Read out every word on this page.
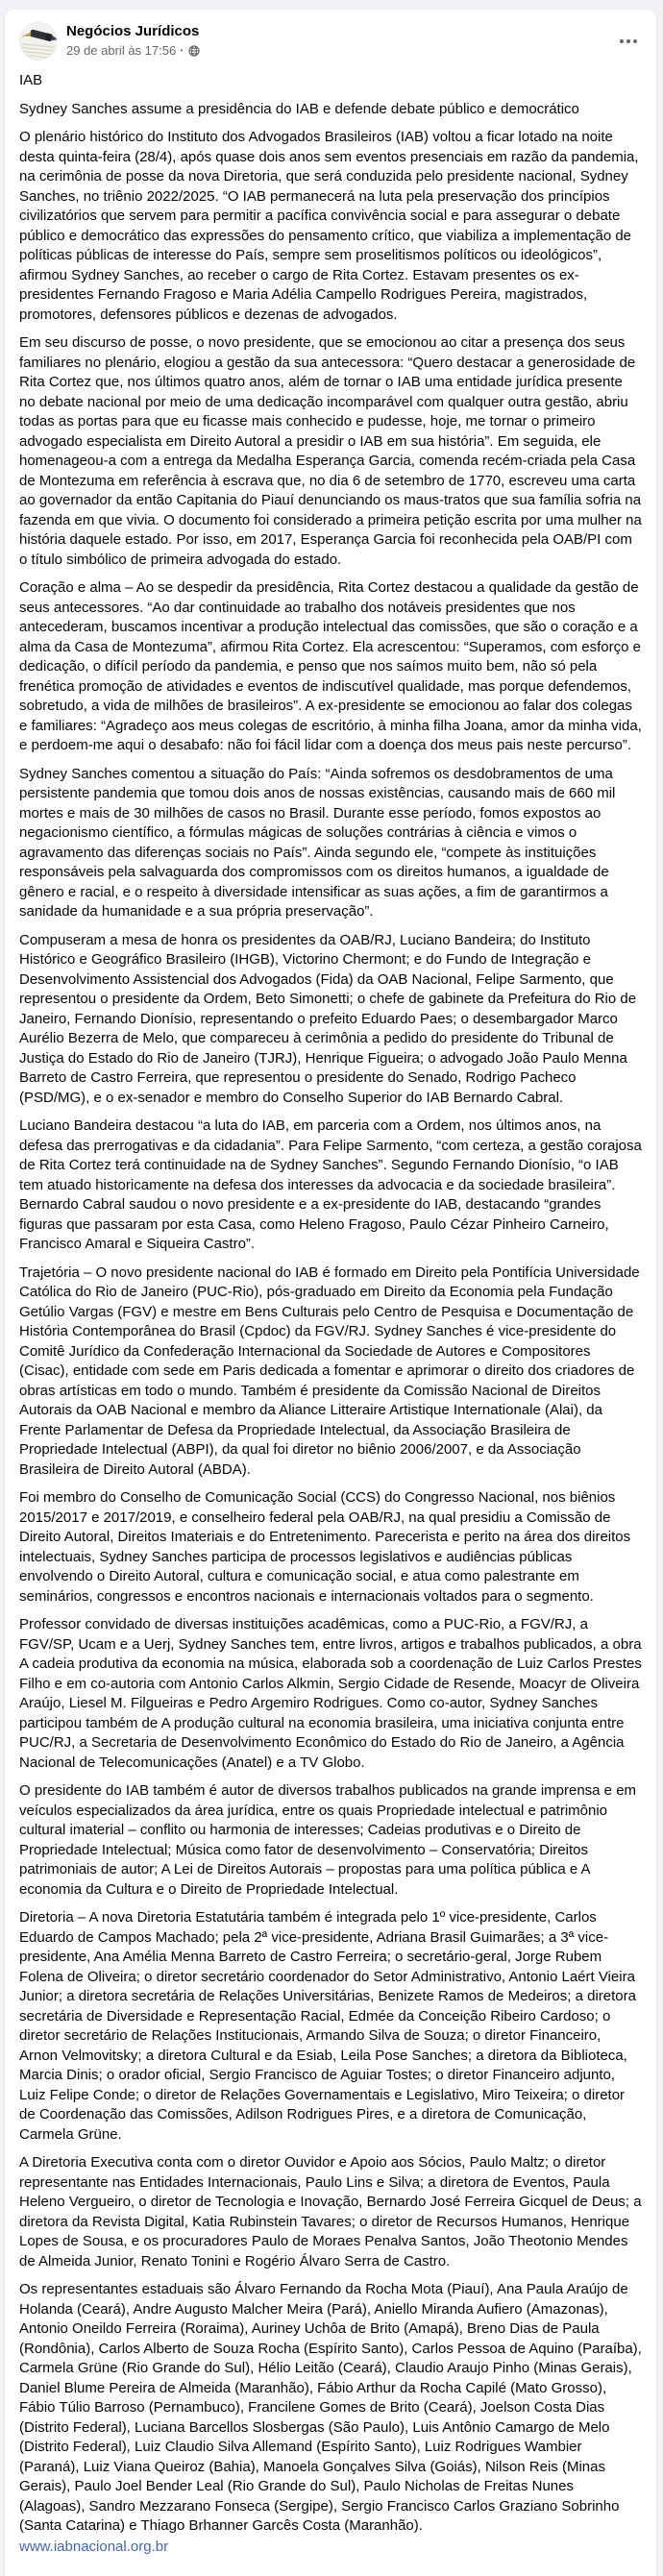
Negócios Jurídicos
29 de abril às 17:56 ·

IAB

Sydney Sanches assume a presidência do IAB e defende debate público e democrático

O plenário histórico do Instituto dos Advogados Brasileiros (IAB) voltou a ficar lotado na noite desta quinta-feira (28/4), após quase dois anos sem eventos presenciais em razão da pandemia, na cerimônia de posse da nova Diretoria, que será conduzida pelo presidente nacional, Sydney Sanches, no triênio 2022/2025. “O IAB permanecerá na luta pela preservação dos princípios civilizatórios que servem para permitir a pacífica convivência social e para assegurar o debate público e democrático das expressões do pensamento crítico, que viabiliza a implementação de políticas públicas de interesse do País, sempre sem proselitismos políticos ou ideológicos”, afirmou Sydney Sanches, ao receber o cargo de Rita Cortez. Estavam presentes os ex-presidentes Fernando Fragoso e Maria Adélia Campello Rodrigues Pereira, magistrados, promotores, defensores públicos e dezenas de advogados.

Em seu discurso de posse, o novo presidente, que se emocionou ao citar a presença dos seus familiares no plenário, elogiou a gestão da sua antecessora: “Quero destacar a generosidade de Rita Cortez que, nos últimos quatro anos, além de tornar o IAB uma entidade jurídica presente no debate nacional por meio de uma dedicação incomparável com qualquer outra gestão, abriu todas as portas para que eu ficasse mais conhecido e pudesse, hoje, me tornar o primeiro advogado especialista em Direito Autoral a presidir o IAB em sua história”. Em seguida, ele homenageou-a com a entrega da Medalha Esperança Garcia, comenda recém-criada pela Casa de Montezuma em referência à escrava que, no dia 6 de setembro de 1770, escreveu uma carta ao governador da então Capitania do Piauí denunciando os maus-tratos que sua família sofria na fazenda em que vivia. O documento foi considerado a primeira petição escrita por uma mulher na história daquele estado. Por isso, em 2017, Esperança Garcia foi reconhecida pela OAB/PI com o título simbólico de primeira advogada do estado.

Coração e alma – Ao se despedir da presidência, Rita Cortez destacou a qualidade da gestão de seus antecessores. “Ao dar continuidade ao trabalho dos notáveis presidentes que nos antecederam, buscamos incentivar a produção intelectual das comissões, que são o coração e a alma da Casa de Montezuma”, afirmou Rita Cortez. Ela acrescentou: “Superamos, com esforço e dedicação, o difícil período da pandemia, e penso que nos saímos muito bem, não só pela frenética promoção de atividades e eventos de indiscutível qualidade, mas porque defendemos, sobretudo, a vida de milhões de brasileiros”. A ex-presidente se emocionou ao falar dos colegas e familiares: “Agradeço aos meus colegas de escritório, à minha filha Joana, amor da minha vida, e perdoem-me aqui o desabafo: não foi fácil lidar com a doença dos meus pais neste percurso”.

Sydney Sanches comentou a situação do País: “Ainda sofremos os desdobramentos de uma persistente pandemia que tomou dois anos de nossas existências, causando mais de 660 mil mortes e mais de 30 milhões de casos no Brasil. Durante esse período, fomos expostos ao negacionismo científico, a fórmulas mágicas de soluções contrárias à ciência e vimos o agravamento das diferenças sociais no País”. Ainda segundo ele, “compete às instituições responsáveis pela salvaguarda dos compromissos com os direitos humanos, a igualdade de gênero e racial, e o respeito à diversidade intensificar as suas ações, a fim de garantirmos a sanidade da humanidade e a sua própria preservação”.

Compuseram a mesa de honra os presidentes da OAB/RJ, Luciano Bandeira; do Instituto Histórico e Geográfico Brasileiro (IHGB), Victorino Chermont; e do Fundo de Integração e Desenvolvimento Assistencial dos Advogados (Fida) da OAB Nacional, Felipe Sarmento, que representou o presidente da Ordem, Beto Simonetti; o chefe de gabinete da Prefeitura do Rio de Janeiro, Fernando Dionísio, representando o prefeito Eduardo Paes; o desembargador Marco Aurélio Bezerra de Melo, que compareceu à cerimônia a pedido do presidente do Tribunal de Justiça do Estado do Rio de Janeiro (TJRJ), Henrique Figueira; o advogado João Paulo Menna Barreto de Castro Ferreira, que representou o presidente do Senado, Rodrigo Pacheco (PSD/MG), e o ex-senador e membro do Conselho Superior do IAB Bernardo Cabral.

Luciano Bandeira destacou “a luta do IAB, em parceria com a Ordem, nos últimos anos, na defesa das prerrogativas e da cidadania”. Para Felipe Sarmento, “com certeza, a gestão corajosa de Rita Cortez terá continuidade na de Sydney Sanches”. Segundo Fernando Dionísio, “o IAB tem atuado historicamente na defesa dos interesses da advocacia e da sociedade brasileira”. Bernardo Cabral saudou o novo presidente e a ex-presidente do IAB, destacando “grandes figuras que passaram por esta Casa, como Heleno Fragoso, Paulo Cézar Pinheiro Carneiro, Francisco Amaral e Siqueira Castro”.

Trajetória – O novo presidente nacional do IAB é formado em Direito pela Pontifícia Universidade Católica do Rio de Janeiro (PUC-Rio), pós-graduado em Direito da Economia pela Fundação Getúlio Vargas (FGV) e mestre em Bens Culturais pelo Centro de Pesquisa e Documentação de História Contemporânea do Brasil (Cpdoc) da FGV/RJ. Sydney Sanches é vice-presidente do Comitê Jurídico da Confederação Internacional da Sociedade de Autores e Compositores (Cisac), entidade com sede em Paris dedicada a fomentar e aprimorar o direito dos criadores de obras artísticas em todo o mundo. Também é presidente da Comissão Nacional de Direitos Autorais da OAB Nacional e membro da Aliance Litteraire Artistique Internationale (Alai), da Frente Parlamentar de Defesa da Propriedade Intelectual, da Associação Brasileira de Propriedade Intelectual (ABPI), da qual foi diretor no biênio 2006/2007, e da Associação Brasileira de Direito Autoral (ABDA).

Foi membro do Conselho de Comunicação Social (CCS) do Congresso Nacional, nos biênios 2015/2017 e 2017/2019, e conselheiro federal pela OAB/RJ, na qual presidiu a Comissão de Direito Autoral, Direitos Imateriais e do Entretenimento. Parecerista e perito na área dos direitos intelectuais, Sydney Sanches participa de processos legislativos e audiências públicas envolvendo o Direito Autoral, cultura e comunicação social, e atua como palestrante em seminários, congressos e encontros nacionais e internacionais voltados para o segmento.

Professor convidado de diversas instituições acadêmicas, como a PUC-Rio, a FGV/RJ, a FGV/SP, Ucam e a Uerj, Sydney Sanches tem, entre livros, artigos e trabalhos publicados, a obra A cadeia produtiva da economia na música, elaborada sob a coordenação de Luiz Carlos Prestes Filho e em co-autoria com Antonio Carlos Alkmin, Sergio Cidade de Resende, Moacyr de Oliveira Araújo, Liesel M. Filgueiras e Pedro Argemiro Rodrigues. Como co-autor, Sydney Sanches participou também de A produção cultural na economia brasileira, uma iniciativa conjunta entre PUC/RJ, a Secretaria de Desenvolvimento Econômico do Estado do Rio de Janeiro, a Agência Nacional de Telecomunicações (Anatel) e a TV Globo.

O presidente do IAB também é autor de diversos trabalhos publicados na grande imprensa e em veículos especializados da área jurídica, entre os quais Propriedade intelectual e patrimônio cultural imaterial – conflito ou harmonia de interesses; Cadeias produtivas e o Direito de Propriedade Intelectual; Música como fator de desenvolvimento – Conservatória; Direitos patrimoniais de autor; A Lei de Direitos Autorais – propostas para uma política pública e A economia da Cultura e o Direito de Propriedade Intelectual.

Diretoria – A nova Diretoria Estatutária também é integrada pelo 1º vice-presidente, Carlos Eduardo de Campos Machado; pela 2ª vice-presidente, Adriana Brasil Guimarães; a 3ª vice-presidente, Ana Amélia Menna Barreto de Castro Ferreira; o secretário-geral, Jorge Rubem Folena de Oliveira; o diretor secretário coordenador do Setor Administrativo, Antonio Laért Vieira Junior; a diretora secretária de Relações Universitárias, Benizete Ramos de Medeiros; a diretora secretária de Diversidade e Representação Racial, Edmée da Conceição Ribeiro Cardoso; o diretor secretário de Relações Institucionais, Armando Silva de Souza; o diretor Financeiro, Arnon Velmovitsky; a diretora Cultural e da Esiab, Leila Pose Sanches; a diretora da Biblioteca, Marcia Dinis; o orador oficial, Sergio Francisco de Aguiar Tostes; o diretor Financeiro adjunto, Luiz Felipe Conde; o diretor de Relações Governamentais e Legislativo, Miro Teixeira; o diretor de Coordenação das Comissões, Adilson Rodrigues Pires, e a diretora de Comunicação, Carmela Grüne.

A Diretoria Executiva conta com o diretor Ouvidor e Apoio aos Sócios, Paulo Maltz; o diretor representante nas Entidades Internacionais, Paulo Lins e Silva; a diretora de Eventos, Paula Heleno Vergueiro, o diretor de Tecnologia e Inovação, Bernardo José Ferreira Gicquel de Deus; a diretora da Revista Digital, Katia Rubinstein Tavares; o diretor de Recursos Humanos, Henrique Lopes de Sousa, e os procuradores Paulo de Moraes Penalva Santos, João Theotonio Mendes de Almeida Junior, Renato Tonini e Rogério Álvaro Serra de Castro.

Os representantes estaduais são Álvaro Fernando da Rocha Mota (Piauí), Ana Paula Araújo de Holanda (Ceará), Andre Augusto Malcher Meira (Pará), Aniello Miranda Aufiero (Amazonas), Antonio Oneildo Ferreira (Roraima), Auriney Uchôa de Brito (Amapá), Breno Dias de Paula (Rondônia), Carlos Alberto de Souza Rocha (Espírito Santo), Carlos Pessoa de Aquino (Paraíba), Carmela Grüne (Rio Grande do Sul), Hélio Leitão (Ceará), Claudio Araujo Pinho (Minas Gerais), Daniel Blume Pereira de Almeida (Maranhão), Fábio Arthur da Rocha Capilé (Mato Grosso), Fábio Túlio Barroso (Pernambuco), Francilene Gomes de Brito (Ceará), Joelson Costa Dias (Distrito Federal), Luciana Barcellos Slosbergas (São Paulo), Luis Antônio Camargo de Melo (Distrito Federal), Luiz Claudio Silva Allemand (Espírito Santo), Luiz Rodrigues Wambier (Paraná), Luiz Viana Queiroz (Bahia), Manoela Gonçalves Silva (Goiás), Nilson Reis (Minas Gerais), Paulo Joel Bender Leal (Rio Grande do Sul), Paulo Nicholas de Freitas Nunes (Alagoas), Sandro Mezzarano Fonseca (Sergipe), Sergio Francisco Carlos Graziano Sobrinho (Santa Catarina) e Thiago Brhanner Garcês Costa (Maranhão).

www.iabnacional.org.br
